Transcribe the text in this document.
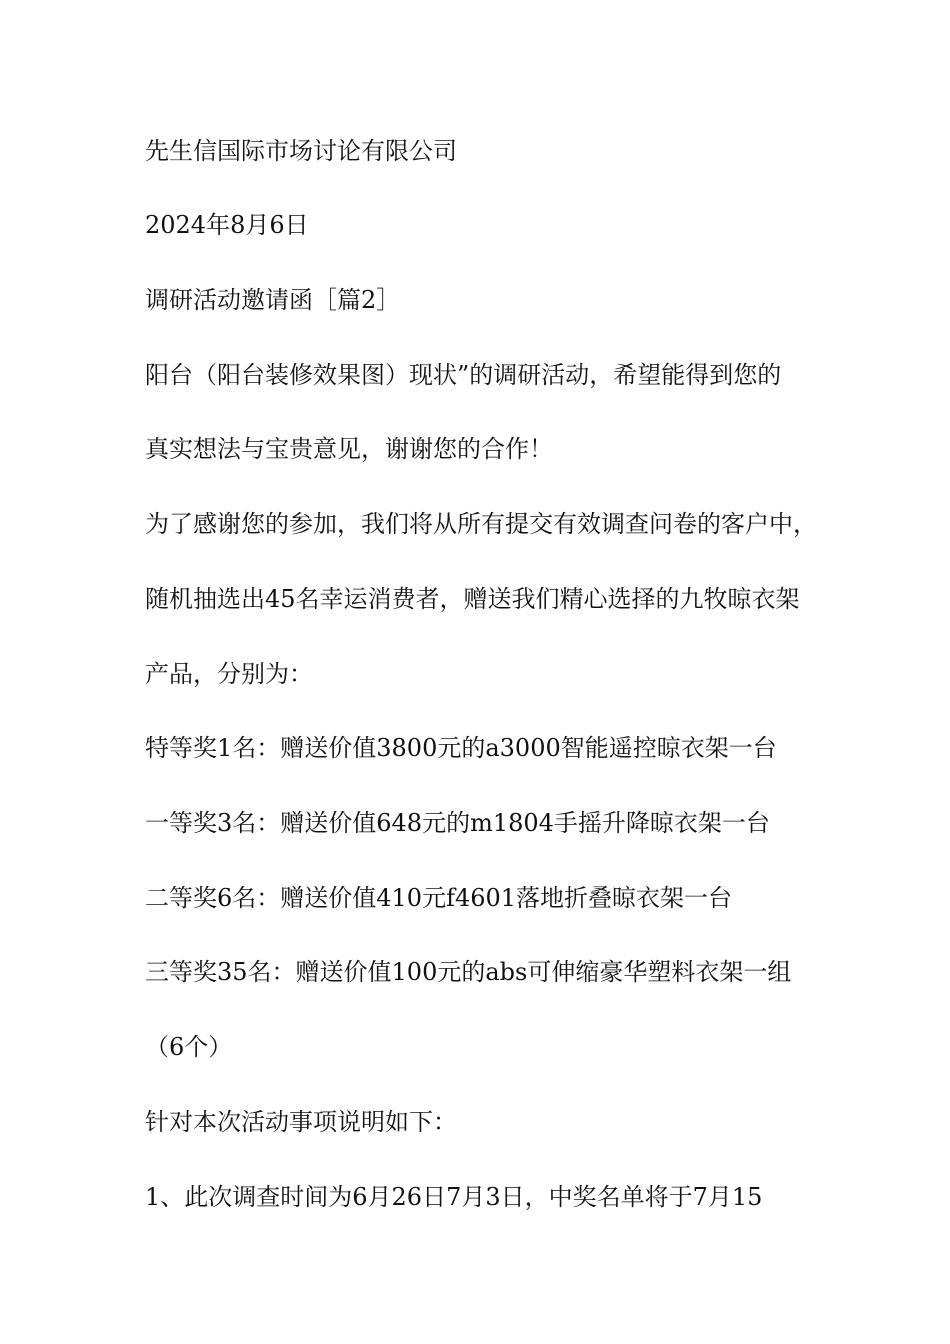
先生信国际市场讨论有限公司
2024年8月6日
调研活动邀请函［篇2］
阳台（阳台装修效果图）现状”的调研活动，希望能得到您的
真实想法与宝贵意见，谢谢您的合作！
为了感谢您的参加，我们将从所有提交有效调查问卷的客户中，
随机抽选出45名幸运消费者，赠送我们精心选择的九牧晾衣架
产品，分别为：
特等奖1名：赠送价值3800元的a3000智能遥控晾衣架一台
一等奖3名：赠送价值648元的m1804手摇升降晾衣架一台
二等奖6名：赠送价值410元f4601落地折叠晾衣架一台
三等奖35名：赠送价值100元的abs可伸缩豪华塑料衣架一组
（6个）
针对本次活动事项说明如下：
1、此次调查时间为6月26日7月3日，中奖名单将于7月15
